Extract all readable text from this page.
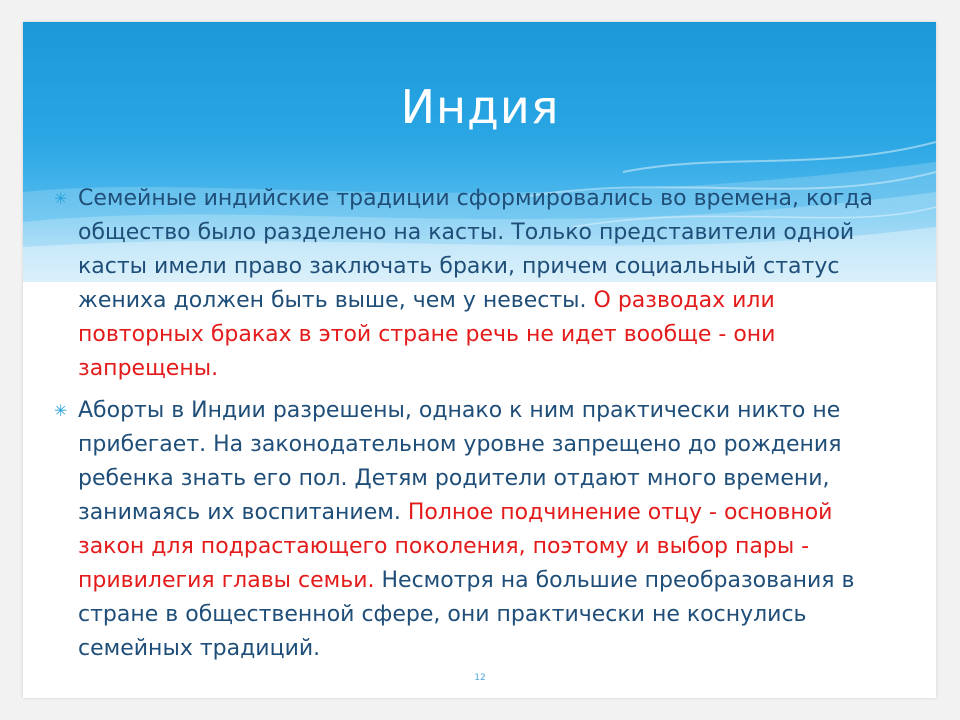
Индия
✳ Семейные индийские традиции сформировались во времена, когда общество было разделено на касты. Только представители одной касты имели право заключать браки, причем социальный статус жениха должен быть выше, чем у невесты. О разводах или повторных браках в этой стране речь не идет вообще - они запрещены.
✳ Аборты в Индии разрешены, однако к ним практически никто не прибегает. На законодательном уровне запрещено до рождения ребенка знать его пол. Детям родители отдают много времени, занимаясь их воспитанием. Полное подчинение отцу - основной закон для подрастающего поколения, поэтому и выбор пары - привилегия главы семьи. Несмотря на большие преобразования в стране в общественной сфере, они практически не коснулись семейных традиций.
12
